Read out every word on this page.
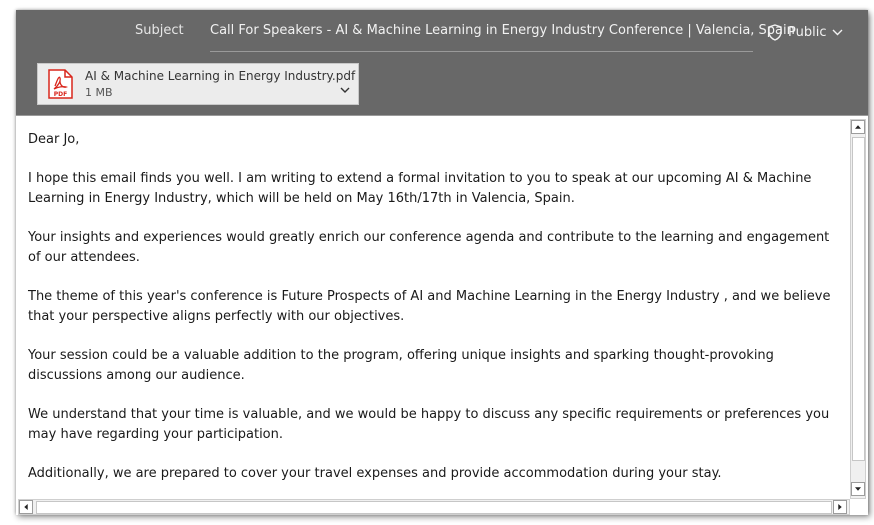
Subject Call For Speakers - AI & Machine Learning in Energy Industry Conference | Valencia, Spain
Public
PDF
AI & Machine Learning in Energy Industry.pdf
1 MB

Dear Jo,

I hope this email finds you well. I am writing to extend a formal invitation to you to speak at our upcoming AI & Machine Learning in Energy Industry, which will be held on May 16th/17th in Valencia, Spain.

Your insights and experiences would greatly enrich our conference agenda and contribute to the learning and engagement of our attendees.

The theme of this year's conference is Future Prospects of AI and Machine Learning in the Energy Industry , and we believe that your perspective aligns perfectly with our objectives.

Your session could be a valuable addition to the program, offering unique insights and sparking thought-provoking discussions among our audience.

We understand that your time is valuable, and we would be happy to discuss any specific requirements or preferences you may have regarding your participation.

Additionally, we are prepared to cover your travel expenses and provide accommodation during your stay.
